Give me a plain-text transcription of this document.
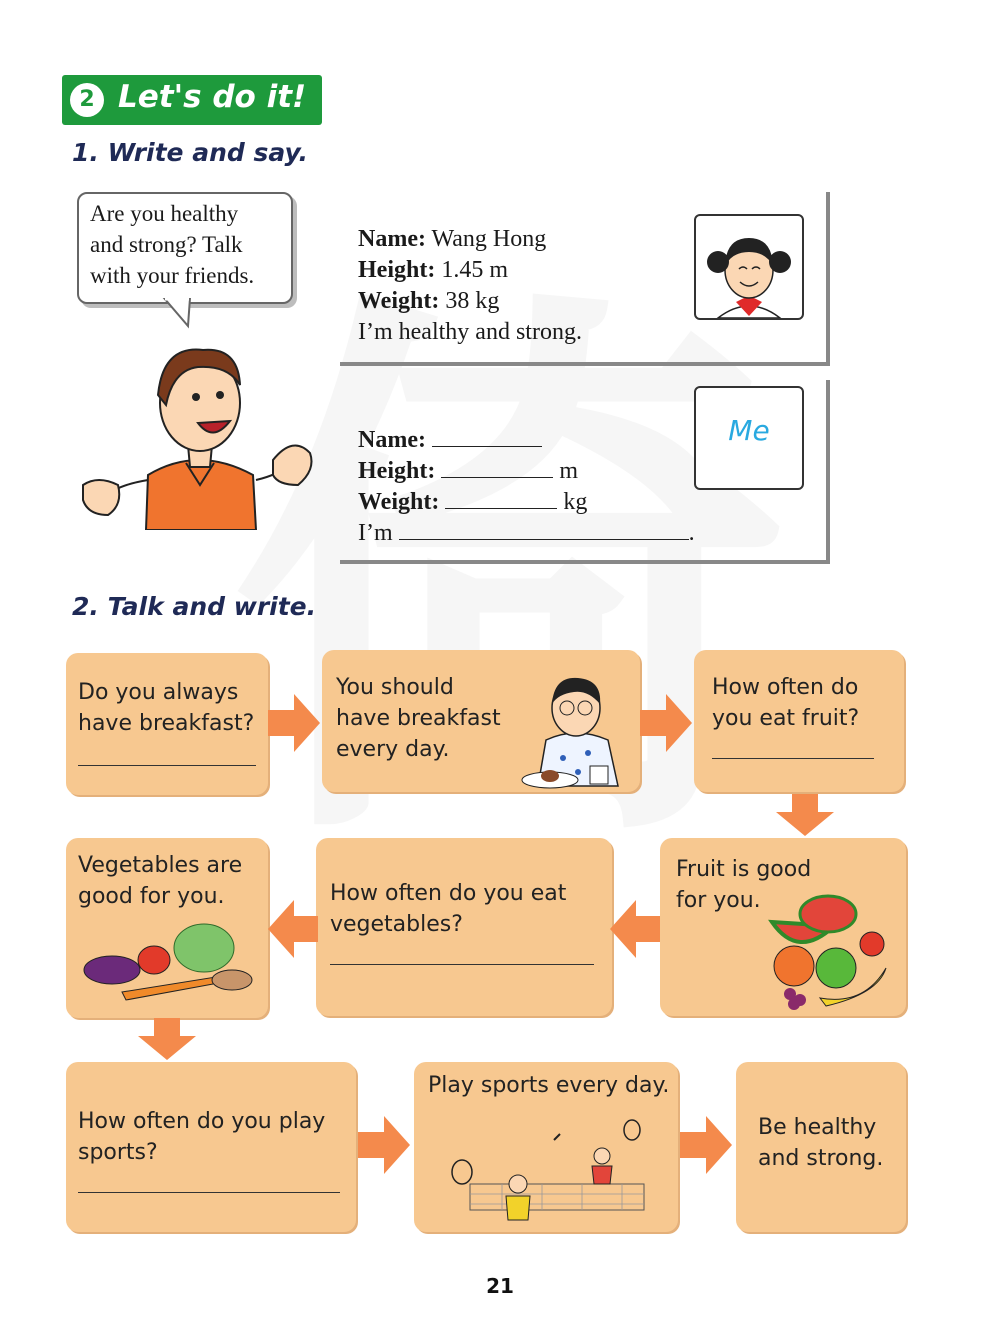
2 Let's do it!
1. Write and say.
Are you healthy
and strong? Talk
with your friends.
Name: Wang Hong
Height: 1.45 m
Weight: 38 kg
I’m healthy and strong.
Name:
Height:	m
Weight:	kg
I’m	.
Me
2. Talk and write.
Do you always
have breakfast?
You should
have breakfast
every day.
How often do
you eat fruit?
Vegetables are
good for you.	How often do you eat
vegetables?
Fruit is good
for you.
How often do you play
sports?
Play sports every day.
Be healthy
and strong.
21
